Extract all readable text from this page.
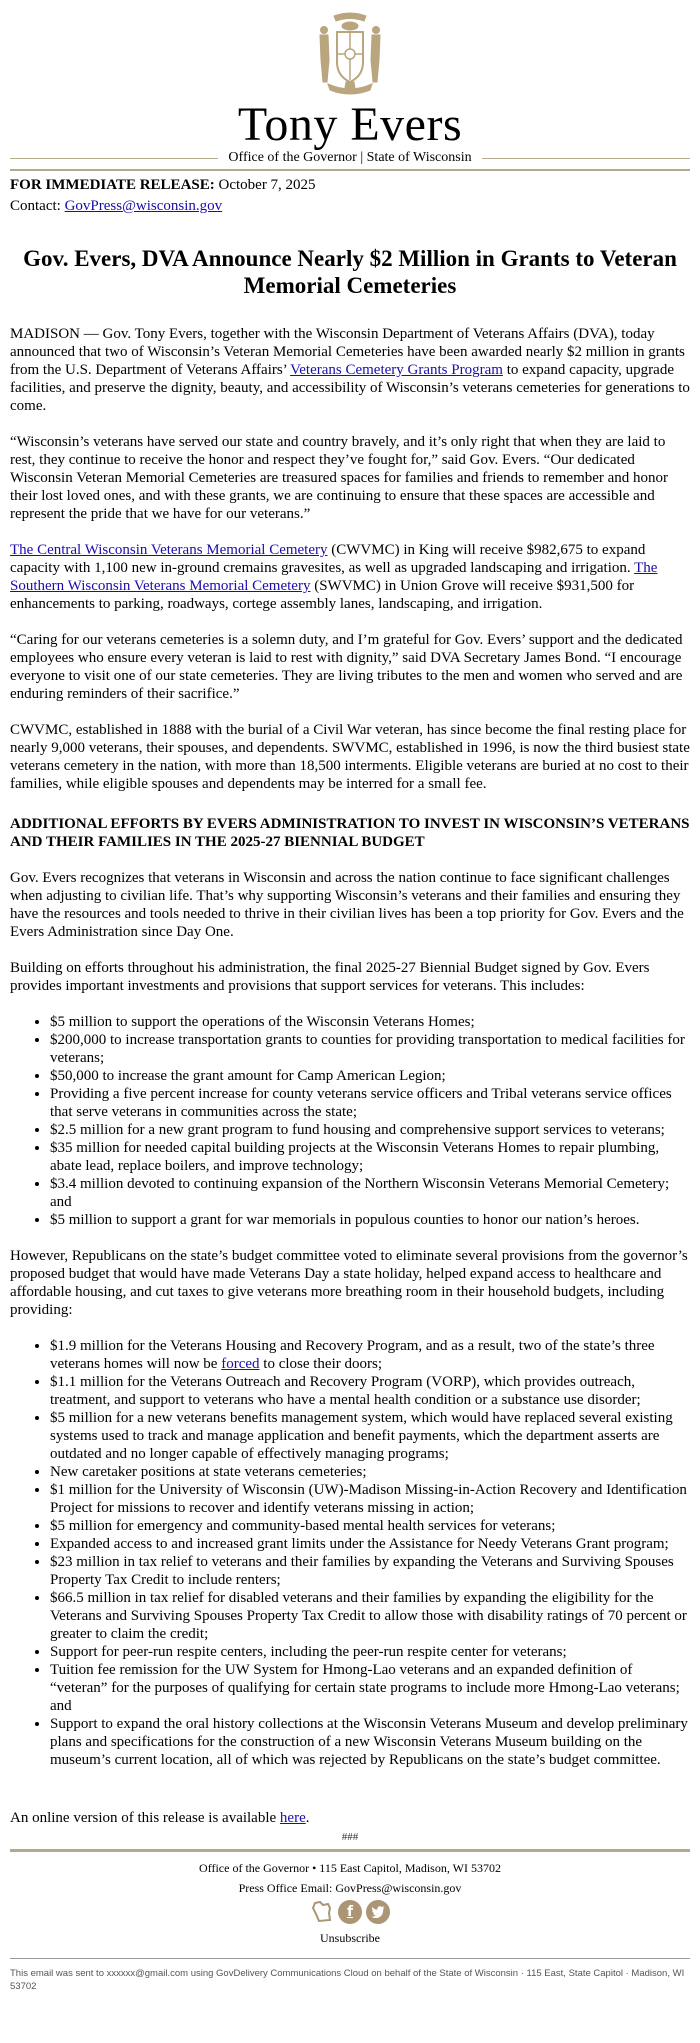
Tony Evers
Office of the Governor | State of Wisconsin
FOR IMMEDIATE RELEASE: October 7, 2025
Contact: GovPress@wisconsin.gov
Gov. Evers, DVA Announce Nearly $2 Million in Grants to Veteran Memorial Cemeteries

MADISON — Gov. Tony Evers, together with the Wisconsin Department of Veterans Affairs (DVA), today announced that two of Wisconsin’s Veteran Memorial Cemeteries have been awarded nearly $2 million in grants from the U.S. Department of Veterans Affairs’ Veterans Cemetery Grants Program to expand capacity, upgrade facilities, and preserve the dignity, beauty, and accessibility of Wisconsin’s veterans cemeteries for generations to come.

“Wisconsin’s veterans have served our state and country bravely, and it’s only right that when they are laid to rest, they continue to receive the honor and respect they’ve fought for,” said Gov. Evers. “Our dedicated Wisconsin Veteran Memorial Cemeteries are treasured spaces for families and friends to remember and honor their lost loved ones, and with these grants, we are continuing to ensure that these spaces are accessible and represent the pride that we have for our veterans.”

The Central Wisconsin Veterans Memorial Cemetery (CWVMC) in King will receive $982,675 to expand capacity with 1,100 new in-ground cremains gravesites, as well as upgraded landscaping and irrigation. The Southern Wisconsin Veterans Memorial Cemetery (SWVMC) in Union Grove will receive $931,500 for enhancements to parking, roadways, cortege assembly lanes, landscaping, and irrigation.

“Caring for our veterans cemeteries is a solemn duty, and I’m grateful for Gov. Evers’ support and the dedicated employees who ensure every veteran is laid to rest with dignity,” said DVA Secretary James Bond. “I encourage everyone to visit one of our state cemeteries. They are living tributes to the men and women who served and are enduring reminders of their sacrifice.”

CWVMC, established in 1888 with the burial of a Civil War veteran, has since become the final resting place for nearly 9,000 veterans, their spouses, and dependents. SWVMC, established in 1996, is now the third busiest state veterans cemetery in the nation, with more than 18,500 interments. Eligible veterans are buried at no cost to their families, while eligible spouses and dependents may be interred for a small fee.

ADDITIONAL EFFORTS BY EVERS ADMINISTRATION TO INVEST IN WISCONSIN’S VETERANS AND THEIR FAMILIES IN THE 2025-27 BIENNIAL BUDGET

Gov. Evers recognizes that veterans in Wisconsin and across the nation continue to face significant challenges when adjusting to civilian life. That’s why supporting Wisconsin’s veterans and their families and ensuring they have the resources and tools needed to thrive in their civilian lives has been a top priority for Gov. Evers and the Evers Administration since Day One.

Building on efforts throughout his administration, the final 2025-27 Biennial Budget signed by Gov. Evers provides important investments and provisions that support services for veterans. This includes:

• $5 million to support the operations of the Wisconsin Veterans Homes;
• $200,000 to increase transportation grants to counties for providing transportation to medical facilities for veterans;
• $50,000 to increase the grant amount for Camp American Legion;
• Providing a five percent increase for county veterans service officers and Tribal veterans service offices that serve veterans in communities across the state;
• $2.5 million for a new grant program to fund housing and comprehensive support services to veterans;
• $35 million for needed capital building projects at the Wisconsin Veterans Homes to repair plumbing, abate lead, replace boilers, and improve technology;
• $3.4 million devoted to continuing expansion of the Northern Wisconsin Veterans Memorial Cemetery; and
• $5 million to support a grant for war memorials in populous counties to honor our nation’s heroes.

However, Republicans on the state’s budget committee voted to eliminate several provisions from the governor’s proposed budget that would have made Veterans Day a state holiday, helped expand access to healthcare and affordable housing, and cut taxes to give veterans more breathing room in their household budgets, including providing:

• $1.9 million for the Veterans Housing and Recovery Program, and as a result, two of the state’s three veterans homes will now be forced to close their doors;
• $1.1 million for the Veterans Outreach and Recovery Program (VORP), which provides outreach, treatment, and support to veterans who have a mental health condition or a substance use disorder;
• $5 million for a new veterans benefits management system, which would have replaced several existing systems used to track and manage application and benefit payments, which the department asserts are outdated and no longer capable of effectively managing programs;
• New caretaker positions at state veterans cemeteries;
• $1 million for the University of Wisconsin (UW)-Madison Missing-in-Action Recovery and Identification Project for missions to recover and identify veterans missing in action;
• $5 million for emergency and community-based mental health services for veterans;
• Expanded access to and increased grant limits under the Assistance for Needy Veterans Grant program;
• $23 million in tax relief to veterans and their families by expanding the Veterans and Surviving Spouses Property Tax Credit to include renters;
• $66.5 million in tax relief for disabled veterans and their families by expanding the eligibility for the Veterans and Surviving Spouses Property Tax Credit to allow those with disability ratings of 70 percent or greater to claim the credit;
• Support for peer-run respite centers, including the peer-run respite center for veterans;
• Tuition fee remission for the UW System for Hmong-Lao veterans and an expanded definition of “veteran” for the purposes of qualifying for certain state programs to include more Hmong-Lao veterans; and
• Support to expand the oral history collections at the Wisconsin Veterans Museum and develop preliminary plans and specifications for the construction of a new Wisconsin Veterans Museum building on the museum’s current location, all of which was rejected by Republicans on the state’s budget committee.

An online version of this release is available here.

###
Office of the Governor • 115 East Capitol, Madison, WI 53702
Press Office Email: GovPress@wisconsin.gov
f
Unsubscribe
This email was sent to xxxxxx@gmail.com using GovDelivery Communications Cloud on behalf of the State of Wisconsin · 115 East, State Capitol · Madison, WI 53702
